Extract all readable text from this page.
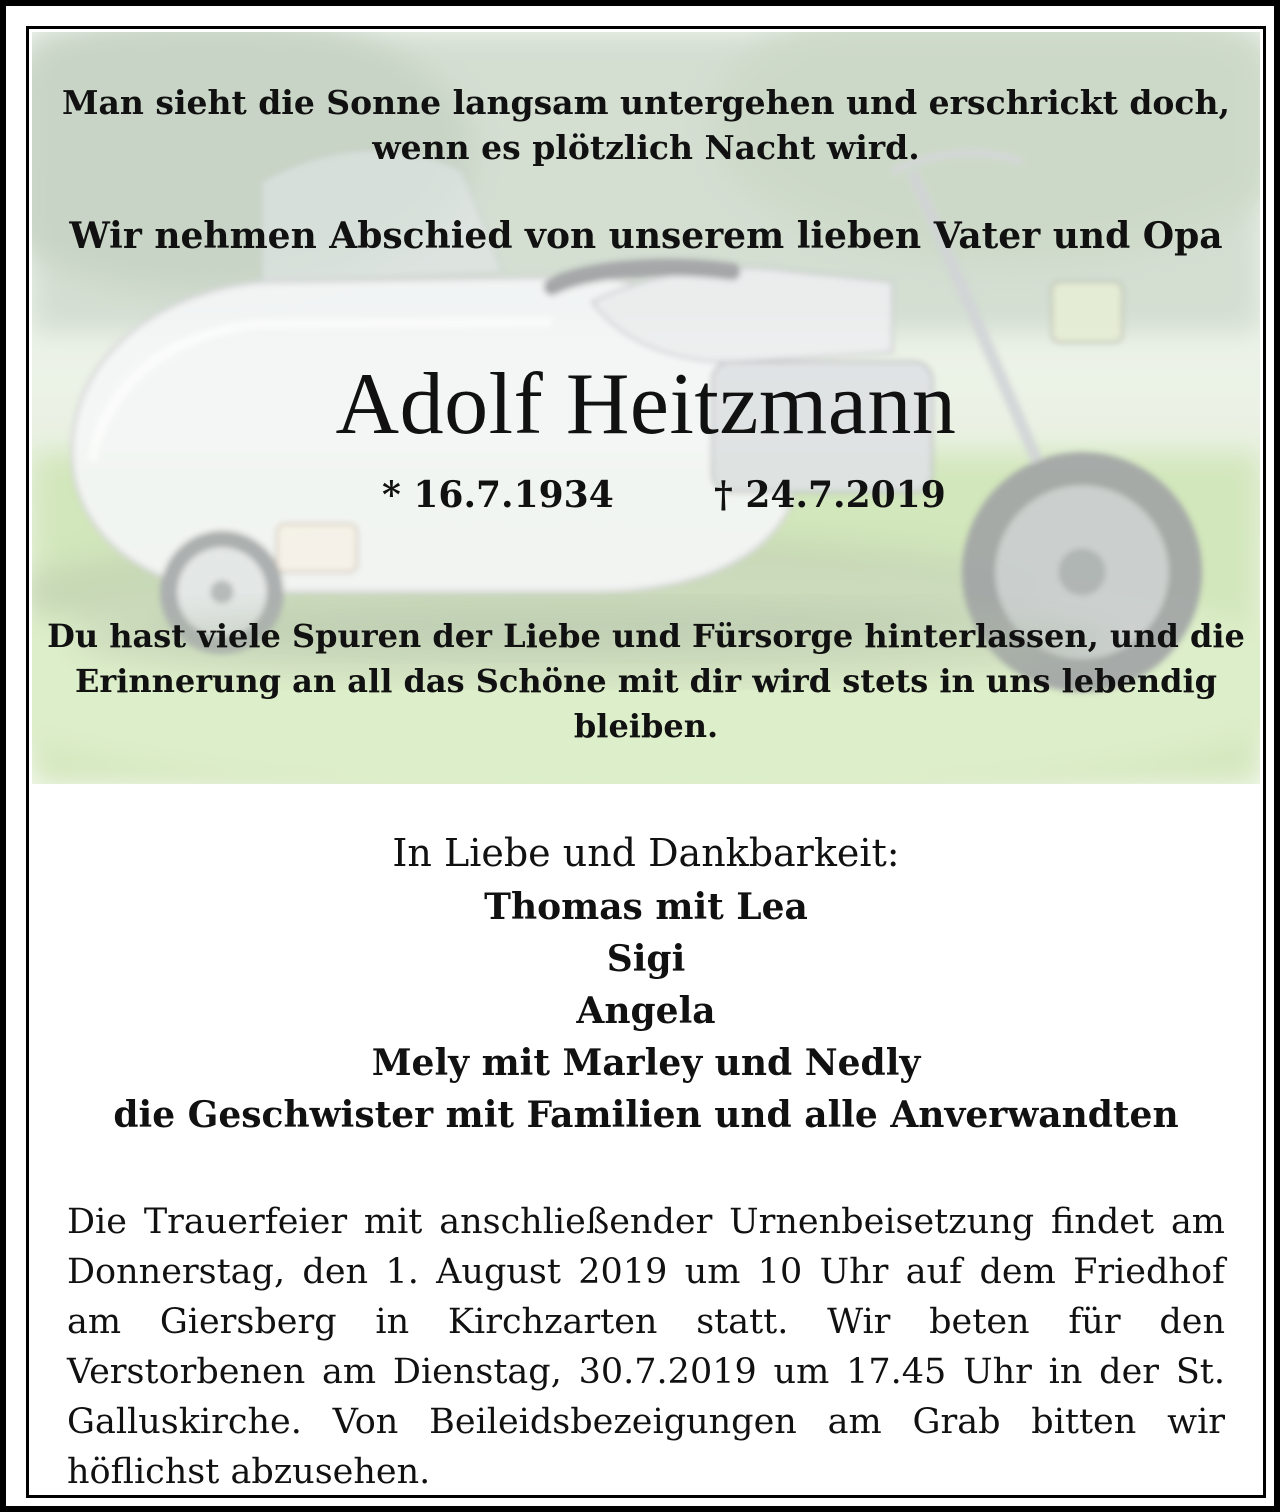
Man sieht die Sonne langsam untergehen und erschrickt doch,
wenn es plötzlich Nacht wird.
Wir nehmen Abschied von unserem lieben Vater und Opa
Adolf Heitzmann
* 16.7.1934	† 24.7.2019
Du hast viele Spuren der Liebe und Fürsorge hinterlassen, und die
Erinnerung an all das Schöne mit dir wird stets in uns lebendig bleiben.
In Liebe und Dankbarkeit:
Thomas mit Lea
Sigi
Angela
Mely mit Marley und Nedly
die Geschwister mit Familien und alle Anverwandten

Die Trauerfeier mit anschließender Urnenbeisetzung findet am Donnerstag, den 1. August 2019 um 10 Uhr auf dem Friedhof am Giersberg in Kirchzarten statt. Wir beten für den Verstorbenen am Dienstag, 30.7.2019 um 17.45 Uhr in der St. Galluskirche. Von Beileidsbezeigungen am Grab bitten wir höflichst abzusehen.
